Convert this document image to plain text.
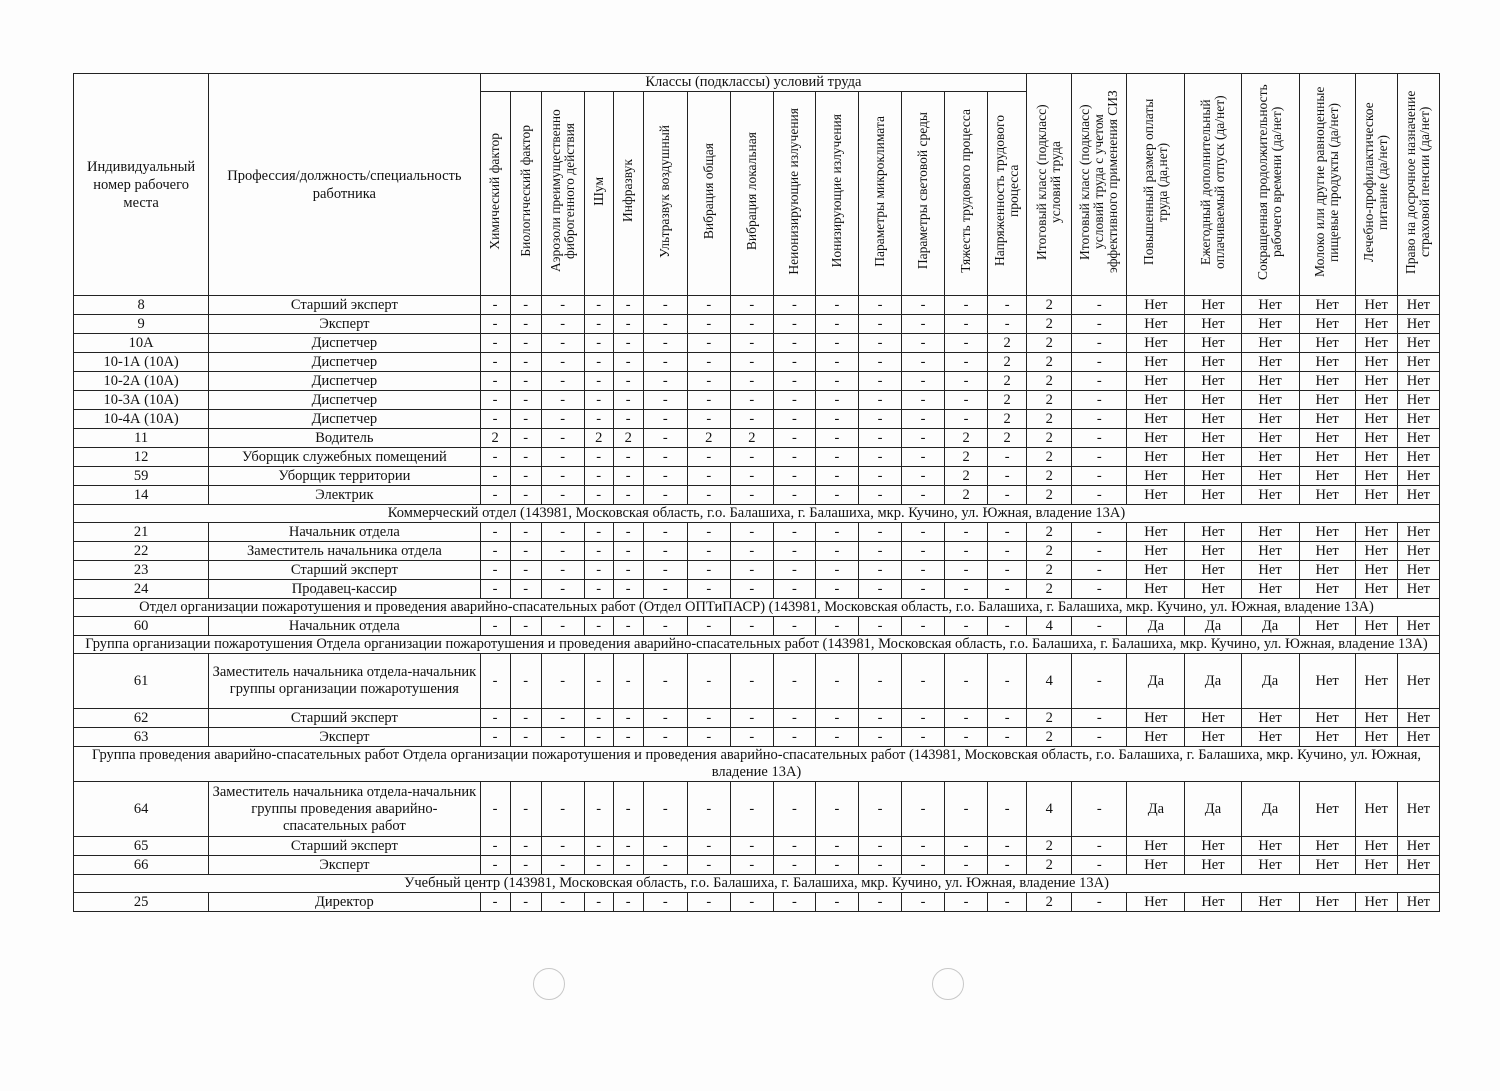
Индивидуальный номер рабочего места	Профессия/должность/специальность работника	Классы (подклассы) условий труда														Итоговый класс (подкласс) условий труда	Итоговый класс (подкласс) условий труда с учетом эффективного применения СИЗ	Повышенный размер оплаты труда (да,нет)	Ежегодный дополнительный оплачиваемый отпуск (да/нет)	Сокращенная продолжительность рабочего времени (да/нет)	Молоко или другие равноценные пищевые продукты (да/нет)	Лечебно-профилактическое питание (да/нет)	Право на досрочное назначение страховой пенсии (да/нет)
		Химический фактор	Биологический фактор	Аэрозоли преимущественно фиброгенного действия	Шум	Инфразвук	Ультразвук воздушный	Вибрация общая	Вибрация локальная	Неионизирующие излучения	Ионизирующие излучения	Параметры микроклимата	Параметры световой среды	Тяжесть трудового процесса	Напряженность трудового процесса								
8	Старший эксперт	-	-	-	-	-	-	-	-	-	-	-	-	-	-	2	-	Нет	Нет	Нет	Нет	Нет	Нет
9	Эксперт	-	-	-	-	-	-	-	-	-	-	-	-	-	-	2	-	Нет	Нет	Нет	Нет	Нет	Нет
10А	Диспетчер	-	-	-	-	-	-	-	-	-	-	-	-	-	2	2	-	Нет	Нет	Нет	Нет	Нет	Нет
10-1А (10А)	Диспетчер	-	-	-	-	-	-	-	-	-	-	-	-	-	2	2	-	Нет	Нет	Нет	Нет	Нет	Нет
10-2А (10А)	Диспетчер	-	-	-	-	-	-	-	-	-	-	-	-	-	2	2	-	Нет	Нет	Нет	Нет	Нет	Нет
10-3А (10А)	Диспетчер	-	-	-	-	-	-	-	-	-	-	-	-	-	2	2	-	Нет	Нет	Нет	Нет	Нет	Нет
10-4А (10А)	Диспетчер	-	-	-	-	-	-	-	-	-	-	-	-	-	2	2	-	Нет	Нет	Нет	Нет	Нет	Нет
11	Водитель	2	-	-	2	2	-	2	2	-	-	-	-	2	2	2	-	Нет	Нет	Нет	Нет	Нет	Нет
12	Уборщик служебных помещений	-	-	-	-	-	-	-	-	-	-	-	-	2	-	2	-	Нет	Нет	Нет	Нет	Нет	Нет
59	Уборщик территории	-	-	-	-	-	-	-	-	-	-	-	-	2	-	2	-	Нет	Нет	Нет	Нет	Нет	Нет
14	Электрик	-	-	-	-	-	-	-	-	-	-	-	-	2	-	2	-	Нет	Нет	Нет	Нет	Нет	Нет
Коммерческий отдел (143981, Московская область, г.о. Балашиха, г. Балашиха, мкр. Кучино, ул. Южная, владение 13А)																							
21	Начальник отдела	-	-	-	-	-	-	-	-	-	-	-	-	-	-	2	-	Нет	Нет	Нет	Нет	Нет	Нет
22	Заместитель начальника отдела	-	-	-	-	-	-	-	-	-	-	-	-	-	-	2	-	Нет	Нет	Нет	Нет	Нет	Нет
23	Старший эксперт	-	-	-	-	-	-	-	-	-	-	-	-	-	-	2	-	Нет	Нет	Нет	Нет	Нет	Нет
24	Продавец-кассир	-	-	-	-	-	-	-	-	-	-	-	-	-	-	2	-	Нет	Нет	Нет	Нет	Нет	Нет
Отдел организации пожаротушения и проведения аварийно-спасательных работ (Отдел ОПТиПАСР) (143981, Московская область, г.о. Балашиха, г. Балашиха, мкр. Кучино, ул. Южная, владение 13А)																							
60	Начальник отдела	-	-	-	-	-	-	-	-	-	-	-	-	-	-	4	-	Да	Да	Да	Нет	Нет	Нет
Группа организации пожаротушения Отдела организации пожаротушения и проведения аварийно-спасательных работ (143981, Московская область, г.о. Балашиха, г. Балашиха, мкр. Кучино, ул. Южная, владение 13А)																							
61	Заместитель начальника отдела-начальник группы организации пожаротушения	-	-	-	-	-	-	-	-	-	-	-	-	-	-	4	-	Да	Да	Да	Нет	Нет	Нет
62	Старший эксперт	-	-	-	-	-	-	-	-	-	-	-	-	-	-	2	-	Нет	Нет	Нет	Нет	Нет	Нет
63	Эксперт	-	-	-	-	-	-	-	-	-	-	-	-	-	-	2	-	Нет	Нет	Нет	Нет	Нет	Нет
Группа проведения аварийно-спасательных работ Отдела организации пожаротушения и проведения аварийно-спасательных работ (143981, Московская область, г.о. Балашиха, г. Балашиха, мкр. Кучино, ул. Южная, владение 13А)																							
64	Заместитель начальника отдела-начальник группы проведения аварийно-спасательных работ	-	-	-	-	-	-	-	-	-	-	-	-	-	-	4	-	Да	Да	Да	Нет	Нет	Нет
65	Старший эксперт	-	-	-	-	-	-	-	-	-	-	-	-	-	-	2	-	Нет	Нет	Нет	Нет	Нет	Нет
66	Эксперт	-	-	-	-	-	-	-	-	-	-	-	-	-	-	2	-	Нет	Нет	Нет	Нет	Нет	Нет
Учебный центр (143981, Московская область, г.о. Балашиха, г. Балашиха, мкр. Кучино, ул. Южная, владение 13А)																							
25	Директор	-	-	-	-	-	-	-	-	-	-	-	-	-	-	2	-	Нет	Нет	Нет	Нет	Нет	Нет
